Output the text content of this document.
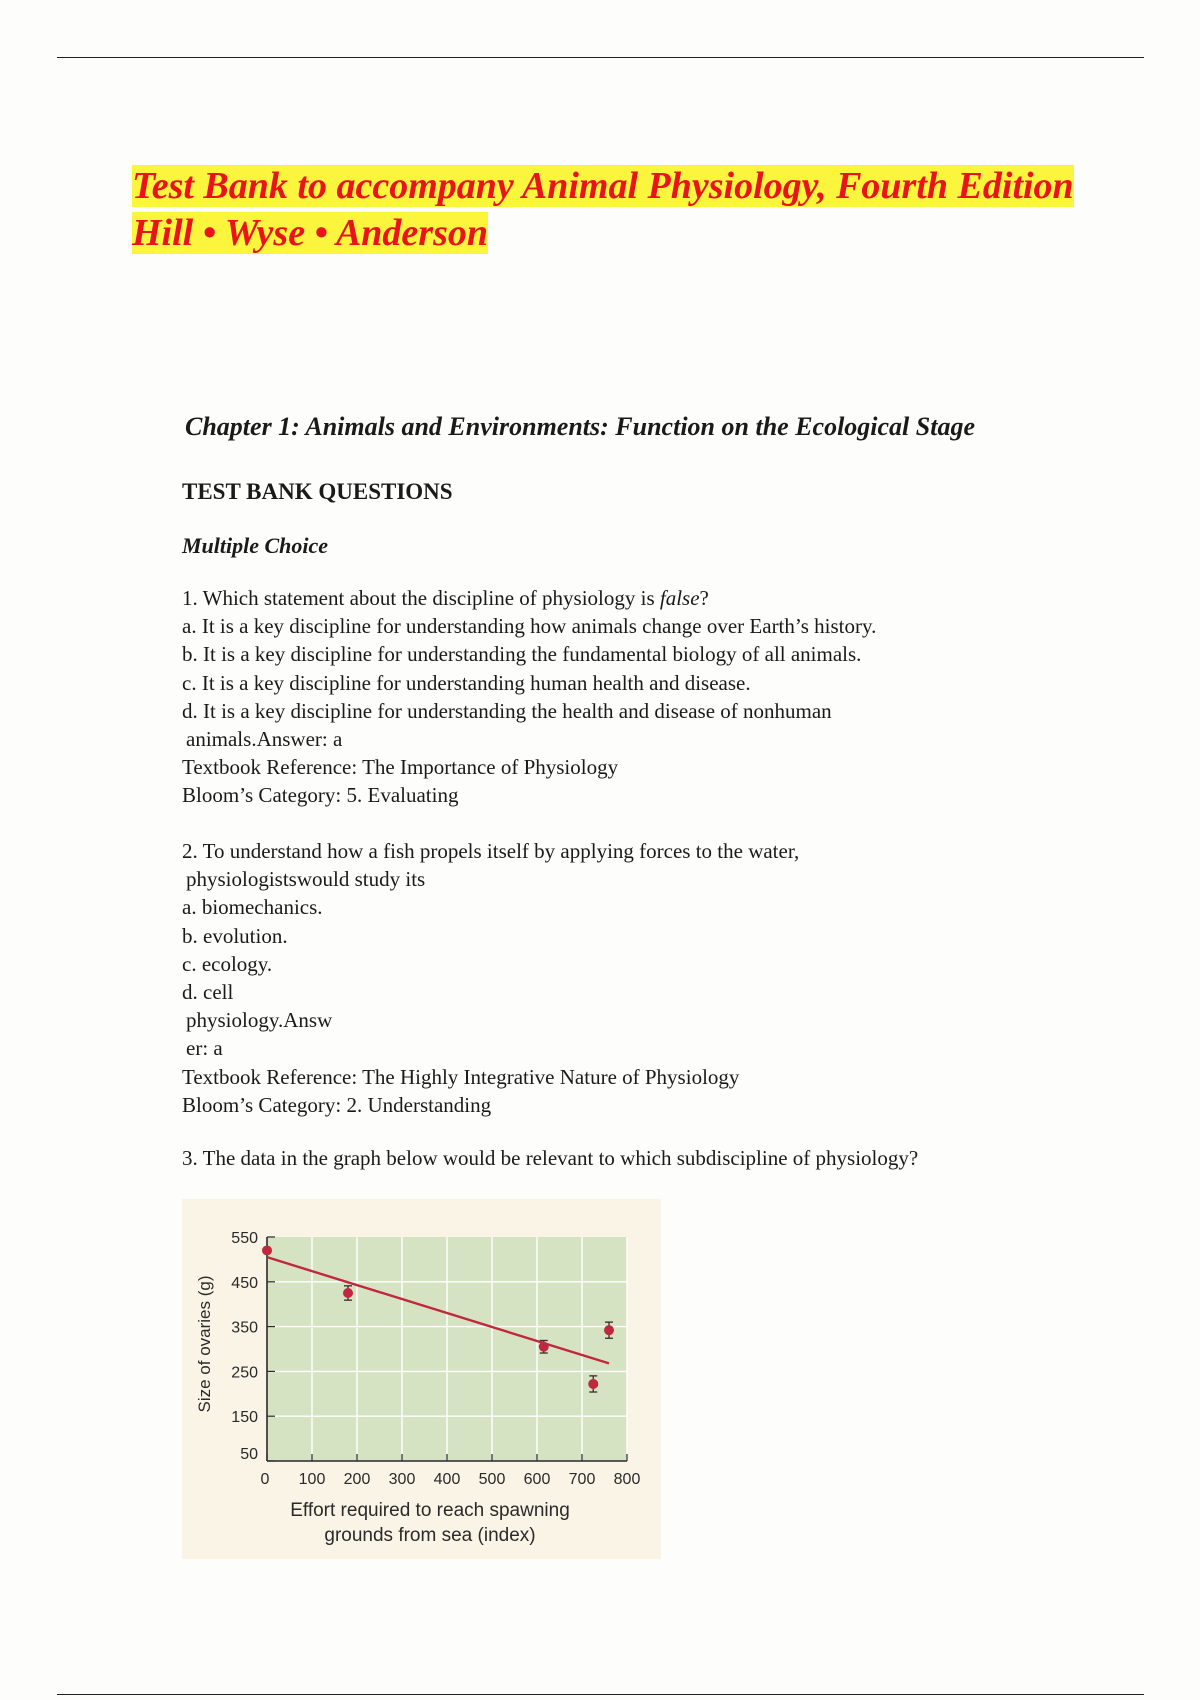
Test Bank to accompany Animal Physiology, Fourth Edition
Hill • Wyse • Anderson
Chapter 1: Animals and Environments: Function on the Ecological Stage
TEST BANK QUESTIONS
Multiple Choice
1. Which statement about the discipline of physiology is false?
a. It is a key discipline for understanding how animals change over Earth’s history.
b. It is a key discipline for understanding the fundamental biology of all animals.
c. It is a key discipline for understanding human health and disease.
d. It is a key discipline for understanding the health and disease of nonhuman
animals.Answer: a
Textbook Reference: The Importance of Physiology
Bloom’s Category: 5. Evaluating
2. To understand how a fish propels itself by applying forces to the water,
physiologistswould study its
a. biomechanics.
b. evolution.
c. ecology.
d. cell
physiology.Answ
er: a
Textbook Reference: The Highly Integrative Nature of Physiology
Bloom’s Category: 2. Understanding
3. The data in the graph below would be relevant to which subdiscipline of physiology?
0 100 200 300 400 500 600 700 800
550
450
350
250
150
50
Effort required to reach spawning
grounds from sea (index)
Size of ovaries (g)
